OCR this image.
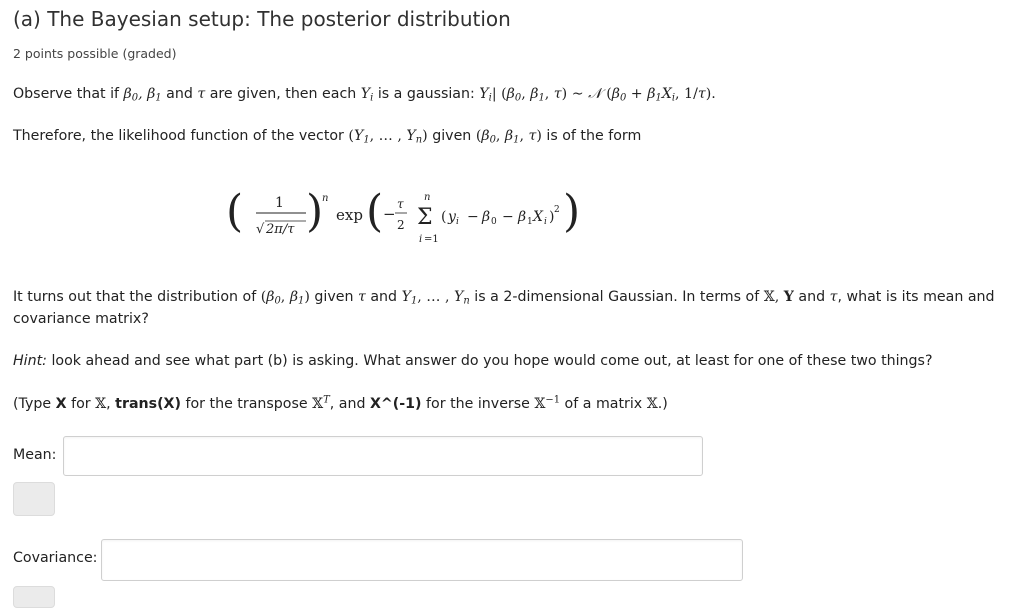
(a) The Bayesian setup: The posterior distribution
2 points possible (graded)
Observe that if $\beta_0$, $\beta_1$ and τ are given, then each $Y_i$ is a gaussian: $Y_i|$ ($\beta_0$, $\beta_1$, τ) ∼ 𝒩 ($\beta_0 + \beta_1X_i$, 1/τ).
Therefore, the likelihood function of the vector ($Y_1$, … , $Y_n$) given ($\beta_0$, $\beta_1$, τ) is of the form
( 1
√ 2π/τ )
n
exp ( −
τ
2
n
Σ
i =1
( y i − β 0 − β 1 X i ) 2 )
It turns out that the distribution of ($\beta_0$, $\beta_1$) given τ and $Y_1$, … , $Y_n$ is a 2-dimensional Gaussian. In terms of 𝕏, Y and τ, what is its mean and
covariance matrix?
Hint: look ahead and see what part (b) is asking. What answer do you hope would come out, at least for one of these two things?
(Type X for 𝕏, trans(X) for the transpose 𝕏$^T$, and X^(-1) for the inverse 𝕏$^{-1}$ of a matrix 𝕏.)
Mean:
Covariance:
